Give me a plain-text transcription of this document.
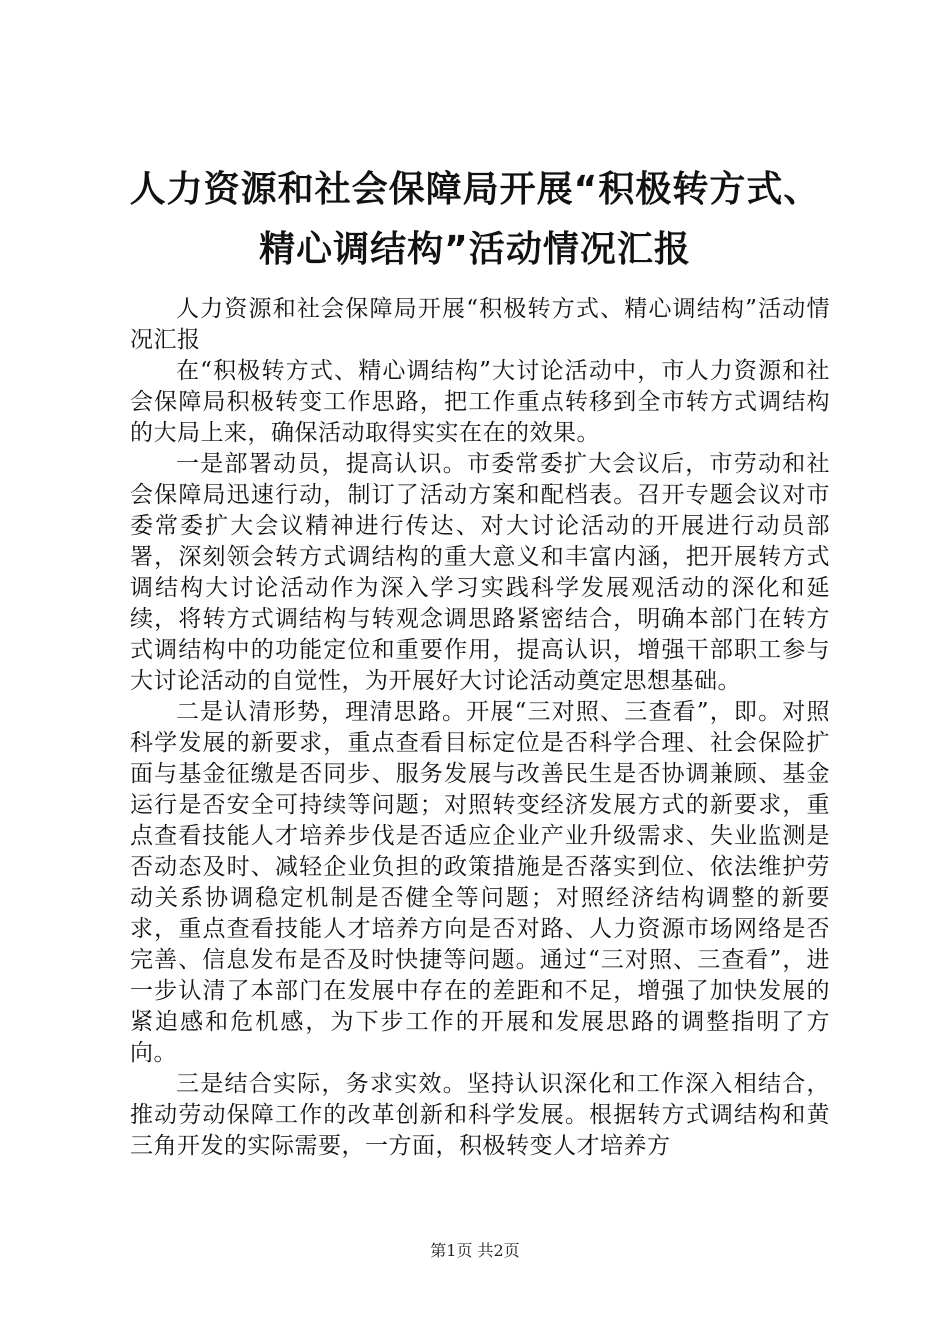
人力资源和社会保障局开展“积极转方式、精心调结构”活动情况汇报

人力资源和社会保障局开展“积极转方式、精心调结构”活动情况汇报

在“积极转方式、精心调结构”大讨论活动中，市人力资源和社会保障局积极转变工作思路，把工作重点转移到全市转方式调结构的大局上来，确保活动取得实实在在的效果。

一是部署动员，提高认识。市委常委扩大会议后，市劳动和社会保障局迅速行动，制订了活动方案和配档表。召开专题会议对市委常委扩大会议精神进行传达、对大讨论活动的开展进行动员部署，深刻领会转方式调结构的重大意义和丰富内涵，把开展转方式调结构大讨论活动作为深入学习实践科学发展观活动的深化和延续，将转方式调结构与转观念调思路紧密结合，明确本部门在转方式调结构中的功能定位和重要作用，提高认识，增强干部职工参与大讨论活动的自觉性，为开展好大讨论活动奠定思想基础。

二是认清形势，理清思路。开展“三对照、三查看”，即。对照科学发展的新要求，重点查看目标定位是否科学合理、社会保险扩面与基金征缴是否同步、服务发展与改善民生是否协调兼顾、基金运行是否安全可持续等问题；对照转变经济发展方式的新要求，重点查看技能人才培养步伐是否适应企业产业升级需求、失业监测是否动态及时、减轻企业负担的政策措施是否落实到位、依法维护劳动关系协调稳定机制是否健全等问题；对照经济结构调整的新要求，重点查看技能人才培养方向是否对路、人力资源市场网络是否完善、信息发布是否及时快捷等问题。通过“三对照、三查看”，进一步认清了本部门在发展中存在的差距和不足，增强了加快发展的紧迫感和危机感，为下步工作的开展和发展思路的调整指明了方向。

三是结合实际，务求实效。坚持认识深化和工作深入相结合，推动劳动保障工作的改革创新和科学发展。根据转方式调结构和黄三角开发的实际需要，一方面，积极转变人才培养方

第1页 共2页
